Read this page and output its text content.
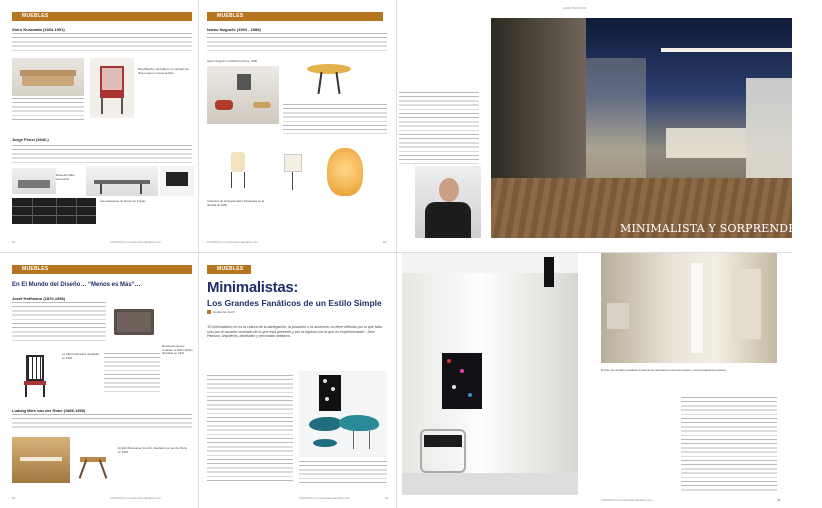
MUEBLES
Shiro Kuramata (1934-1991)
Miss Blanche, lanzada en el mercado las flores rojas en resina acrílica
Jorge Pensi (1946-)
Mesa del Taller Geometría
Las estanterías de Pensi son limpias
81	CURSOS.com www.decoraonline.com
MUEBLES
Isamu Noguchi (1904 - 1988)
Isamu Noguchi y la Mesa Cyclone, 1950
Colección de lámparas Akari. Diseñadas en la década de 1950
CURSOS.com www.decoraonline.com	82
ARQUITECTURA
MINIMALISTA Y SORPRENDENTE
MUEBLES
En El Mundo del Diseño… “Menos es Más”…
Josef Hoffmann (1870-1956)
Respuesta de sus muebles, el Sillón Kubus, diseñado en 1910
La silla Purkersdorf, diseñada en 1904
Ludwig Mies van der Rohe (1886-1969)
El sillón Barcelona (Couch), diseñado por van der Rohe en 1929
83	CURSOS.com www.decoraonline.com
MUEBLES
Minimalistas:
Los Grandes Fanáticos de un Estilo Simple
Redacción HAXI
“El minimalismo no es la cultura de la abnegación, la privación o la ausencia; no tiene definido por lo que falta, sino por el carácter acertado de lo que está presente y por la riqueza con la que es experimentado”. John Pawson, arquitecto, diseñador y decorador británico.
CURSOS.com www.decoraonline.com	84
En foto: En el baño prevalece la idea de la carpintería en formas limpias y una transparencia exterior.
CURSOS.com www.decoraonline.com	85
